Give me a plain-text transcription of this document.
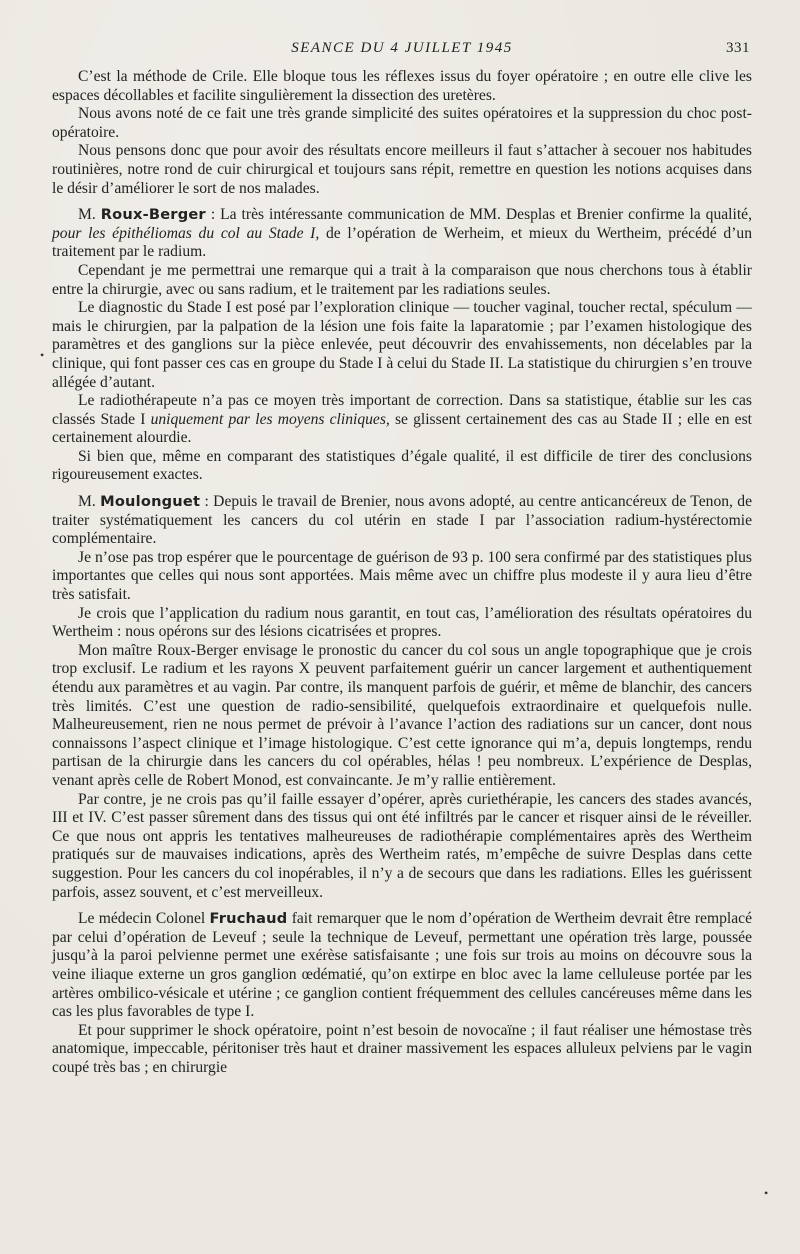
SEANCE DU 4 JUILLET 1945	331

C’est la méthode de Crile. Elle bloque tous les réflexes issus du foyer opératoire ; en outre elle clive les espaces décollables et facilite singulièrement la dissection des uretères.

Nous avons noté de ce fait une très grande simplicité des suites opératoires et la suppression du choc post-opératoire.

Nous pensons donc que pour avoir des résultats encore meilleurs il faut s’attacher à secouer nos habitudes routinières, notre rond de cuir chirurgical et toujours sans répit, remettre en question les notions acquises dans le désir d’améliorer le sort de nos malades.

M. Roux-Berger : La très intéressante communication de MM. Desplas et Brenier confirme la qualité, pour les épithéliomas du col au Stade I, de l’opération de Werheim, et mieux du Wertheim, précédé d’un traitement par le radium.

Cependant je me permettrai une remarque qui a trait à la comparaison que nous cherchons tous à établir entre la chirurgie, avec ou sans radium, et le traitement par les radiations seules.

Le diagnostic du Stade I est posé par l’exploration clinique — toucher vaginal, toucher rectal, spéculum — mais le chirurgien, par la palpation de la lésion une fois faite la laparatomie ; par l’examen histologique des paramètres et des ganglions sur la pièce enlevée, peut découvrir des envahissements, non décelables par la clinique, qui font passer ces cas en groupe du Stade I à celui du Stade II. La statistique du chirurgien s’en trouve allégée d’autant.

Le radiothérapeute n’a pas ce moyen très important de correction. Dans sa statistique, établie sur les cas classés Stade I uniquement par les moyens cliniques, se glissent certainement des cas au Stade II ; elle en est certainement alourdie.

Si bien que, même en comparant des statistiques d’égale qualité, il est difficile de tirer des conclusions rigoureusement exactes.

M. Moulonguet : Depuis le travail de Brenier, nous avons adopté, au centre anticancéreux de Tenon, de traiter systématiquement les cancers du col utérin en stade I par l’association radium-hystérectomie complémentaire.

Je n’ose pas trop espérer que le pourcentage de guérison de 93 p. 100 sera confirmé par des statistiques plus importantes que celles qui nous sont apportées. Mais même avec un chiffre plus modeste il y aura lieu d’être très satisfait.

Je crois que l’application du radium nous garantit, en tout cas, l’amélioration des résultats opératoires du Wertheim : nous opérons sur des lésions cicatrisées et propres.

Mon maître Roux-Berger envisage le pronostic du cancer du col sous un angle topographique que je crois trop exclusif. Le radium et les rayons X peuvent parfaitement guérir un cancer largement et authentiquement étendu aux paramètres et au vagin. Par contre, ils manquent parfois de guérir, et même de blanchir, des cancers très limités. C’est une question de radio-sensibilité, quelquefois extraordinaire et quelquefois nulle. Malheureusement, rien ne nous permet de prévoir à l’avance l’action des radiations sur un cancer, dont nous connaissons l’aspect clinique et l’image histologique. C’est cette ignorance qui m’a, depuis longtemps, rendu partisan de la chirurgie dans les cancers du col opérables, hélas ! peu nombreux. L’expérience de Desplas, venant après celle de Robert Monod, est convaincante. Je m’y rallie entièrement.

Par contre, je ne crois pas qu’il faille essayer d’opérer, après curiethérapie, les cancers des stades avancés, III et IV. C’est passer sûrement dans des tissus qui ont été infiltrés par le cancer et risquer ainsi de le réveiller. Ce que nous ont appris les tentatives malheureuses de radiothérapie complémentaires après des Wertheim pratiqués sur de mauvaises indications, après des Wertheim ratés, m’empêche de suivre Desplas dans cette suggestion. Pour les cancers du col inopérables, il n’y a de secours que dans les radiations. Elles les guérissent parfois, assez souvent, et c’est merveilleux.

Le médecin Colonel Fruchaud fait remarquer que le nom d’opération de Wertheim devrait être remplacé par celui d’opération de Leveuf ; seule la technique de Leveuf, permettant une opération très large, poussée jusqu’à la paroi pelvienne permet une exérèse satisfaisante ; une fois sur trois au moins on découvre sous la veine iliaque externe un gros ganglion œdématié, qu’on extirpe en bloc avec la lame celluleuse portée par les artères ombilico-vésicale et utérine ; ce ganglion contient fréquemment des cellules cancéreuses même dans les cas les plus favorables de type I.

Et pour supprimer le shock opératoire, point n’est besoin de novocaïne ; il faut réaliser une hémostase très anatomique, impeccable, péritoniser très haut et drainer massivement les espaces alluleux pelviens par le vagin coupé très bas ; en chirurgie

•
•
